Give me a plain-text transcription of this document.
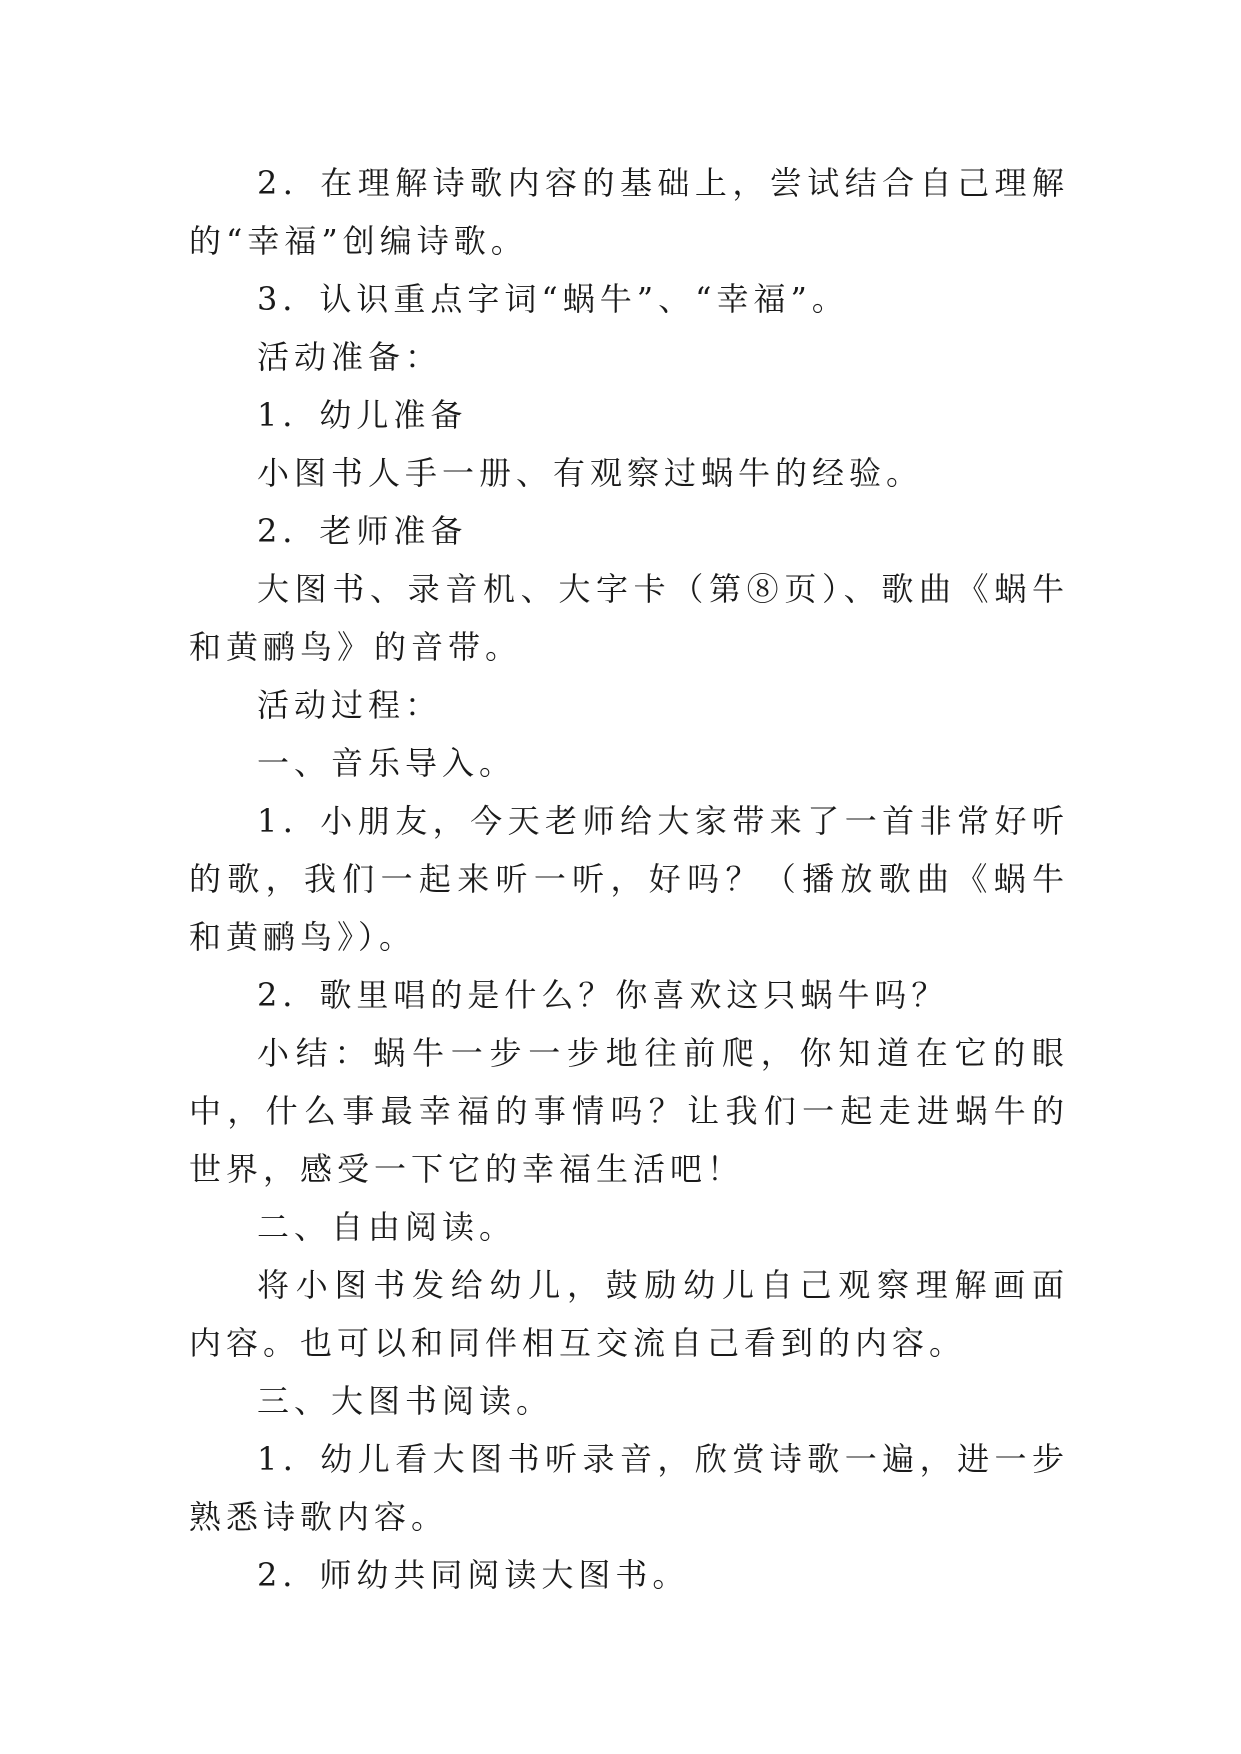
2．在理解诗歌内容的基础上，尝试结合自己理解的“幸福”创编诗歌。

3．认识重点字词“蜗牛”、“幸福”。

活动准备：

1．幼儿准备

小图书人手一册、有观察过蜗牛的经验。

2．老师准备

大图书、录音机、大字卡（第⑧页）、歌曲《蜗牛和黄鹂鸟》的音带。

活动过程：

一、音乐导入。

1．小朋友，今天老师给大家带来了一首非常好听的歌，我们一起来听一听，好吗？（播放歌曲《蜗牛和黄鹂鸟》）。

2．歌里唱的是什么？你喜欢这只蜗牛吗？

小结：蜗牛一步一步地往前爬，你知道在它的眼中，什么事最幸福的事情吗？让我们一起走进蜗牛的世界，感受一下它的幸福生活吧！

二、自由阅读。

将小图书发给幼儿，鼓励幼儿自己观察理解画面内容。也可以和同伴相互交流自己看到的内容。

三、大图书阅读。

1．幼儿看大图书听录音，欣赏诗歌一遍，进一步熟悉诗歌内容。

2．师幼共同阅读大图书。
